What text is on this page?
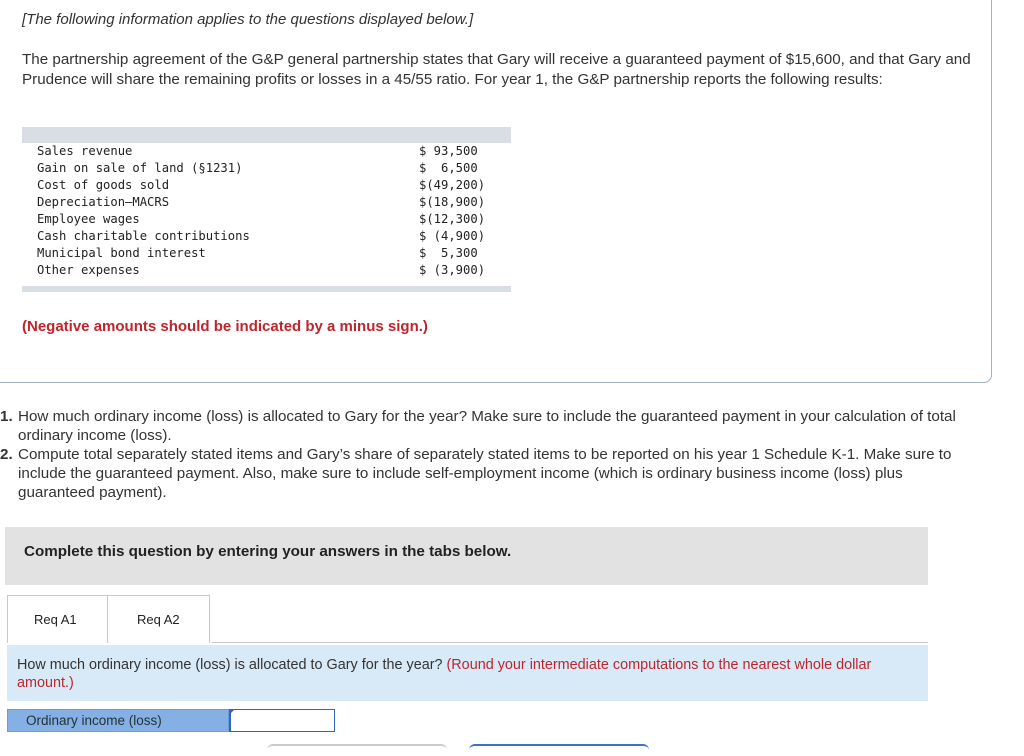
[The following information applies to the questions displayed below.]
The partnership agreement of the G&P general partnership states that Gary will receive a guaranteed payment of $15,600, and that Gary and Prudence will share the remaining profits or losses in a 45/55 ratio. For year 1, the G&P partnership reports the following results:

Sales revenue	$ 93,500
Gain on sale of land (§1231)	$  6,500
Cost of goods sold	$(49,200)
Depreciation—MACRS	$(18,900)
Employee wages	$(12,300)
Cash charitable contributions	$ (4,900)
Municipal bond interest	$  5,300
Other expenses	$ (3,900)

(Negative amounts should be indicated by a minus sign.)
1. How much ordinary income (loss) is allocated to Gary for the year? Make sure to include the guaranteed payment in your calculation of total ordinary income (loss).
2. Compute total separately stated items and Gary’s share of separately stated items to be reported on his year 1 Schedule K-1. Make sure to include the guaranteed payment. Also, make sure to include self-employment income (which is ordinary business income (loss) plus guaranteed payment).
Complete this question by entering your answers in the tabs below.
Req A1	Req A2
How much ordinary income (loss) is allocated to Gary for the year? (Round your intermediate computations to the nearest whole dollar amount.)
Ordinary income (loss)
